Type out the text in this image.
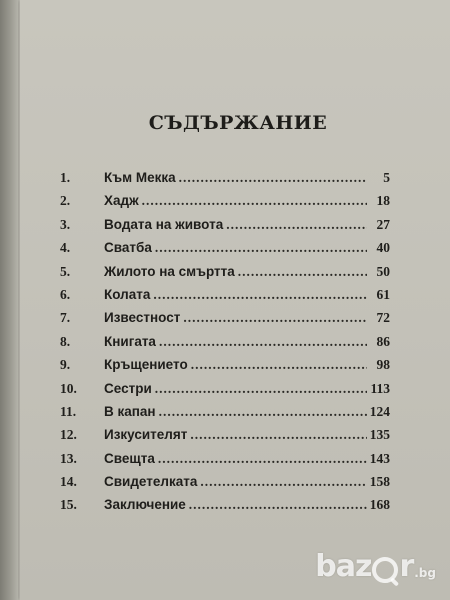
СЪДЪРЖАНИЕ
1.	Към Мекка .....	5
2.	Хадж .....	18
3.	Водата на живота .....	27
4.	Сватба .....	40
5.	Жилото на смъртта .....	50
6.	Колата .....	61
7.	Известност .....	72
8.	Книгата .....	86
9.	Кръщението .....	98
10.	Сестри .....	113
11.	В капан .....	124
12.	Изкусителят .....	135
13.	Свещта .....	143
14.	Свидетелката .....	158
15.	Заключение .....	168
baz r .bg
